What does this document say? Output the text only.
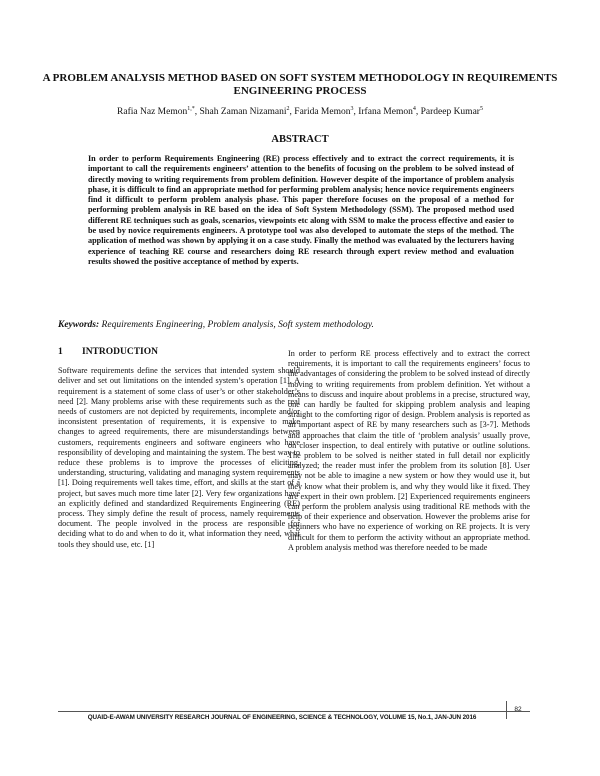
A PROBLEM ANALYSIS METHOD BASED ON SOFT SYSTEM METHODOLOGY IN REQUIREMENTS ENGINEERING PROCESS
Rafia Naz Memon$^{1,*}$, Shah Zaman Nizamani$^2$, Farida Memon$^3$, Irfana Memon$^4$, Pardeep Kumar$^5$
ABSTRACT

In order to perform Requirements Engineering (RE) process effectively and to extract the correct requirements, it is important to call the requirements engineers’ attention to the benefits of focusing on the problem to be solved instead of directly moving to writing requirements from problem definition. However despite of the importance of problem analysis phase, it is difficult to find an appropriate method for performing problem analysis; hence novice requirements engineers find it difficult to perform problem analysis phase. This paper therefore focuses on the proposal of a method for performing problem analysis in RE based on the idea of Soft System Methodology (SSM). The proposed method used different RE techniques such as goals, scenarios, viewpoints etc along with SSM to make the process effective and easier to be used by novice requirements engineers. A prototype tool was also developed to automate the steps of the method. The application of method was shown by applying it on a case study. Finally the method was evaluated by the lecturers having experience of teaching RE course and researchers doing RE research through expert review method and evaluation results showed the positive acceptance of method by experts.

Keywords: Requirements Engineering, Problem analysis, Soft system methodology.

1 INTRODUCTION

Software requirements define the services that intended system should deliver and set out limitations on the intended system’s operation [1]. A requirement is a statement of some class of user’s or other stakeholder’s need [2]. Many problems arise with these requirements such as the real needs of customers are not depicted by requirements, incomplete and/or inconsistent presentation of requirements, it is expensive to make changes to agreed requirements, there are misunderstandings between customers, requirements engineers and software engineers who have responsibility of developing and maintaining the system. The best way to reduce these problems is to improve the processes of eliciting, understanding, structuring, validating and managing system requirements [1]. Doing requirements well takes time, effort, and skills at the start of a project, but saves much more time later [2]. Very few organizations have an explicitly defined and standardized Requirements Engineering (RE) process. They simply define the result of process, namely requirements document. The people involved in the process are responsible for deciding what to do and when to do it, what information they need, what tools they should use, etc. [1]

In order to perform RE process effectively and to extract the correct requirements, it is important to call the requirements engineers’ focus to the advantages of considering the problem to be solved instead of directly moving to writing requirements from problem definition. Yet without a means to discuss and inquire about problems in a precise, structured way, one can hardly be faulted for skipping problem analysis and leaping straight to the comforting rigor of design. Problem analysis is reported as an important aspect of RE by many researchers such as [3-7]. Methods and approaches that claim the title of ‘problem analysis’ usually prove, on closer inspection, to deal entirely with putative or outline solutions. The problem to be solved is neither stated in full detail nor explicitly analyzed; the reader must infer the problem from its solution [8]. User may not be able to imagine a new system or how they would use it, but they know what their problem is, and why they would like it fixed. They are expert in their own problem. [2] Experienced requirements engineers can perform the problem analysis using traditional RE methods with the help of their experience and observation. However the problems arise for beginners who have no experience of working on RE projects. It is very difficult for them to perform the activity without an appropriate method. A problem analysis method was therefore needed to be made

QUAID-E-AWAM UNIVERSITY RESEARCH JOURNAL OF ENGINEERING, SCIENCE & TECHNOLOGY, VOLUME 15, No.1, JAN-JUN 2016
82
